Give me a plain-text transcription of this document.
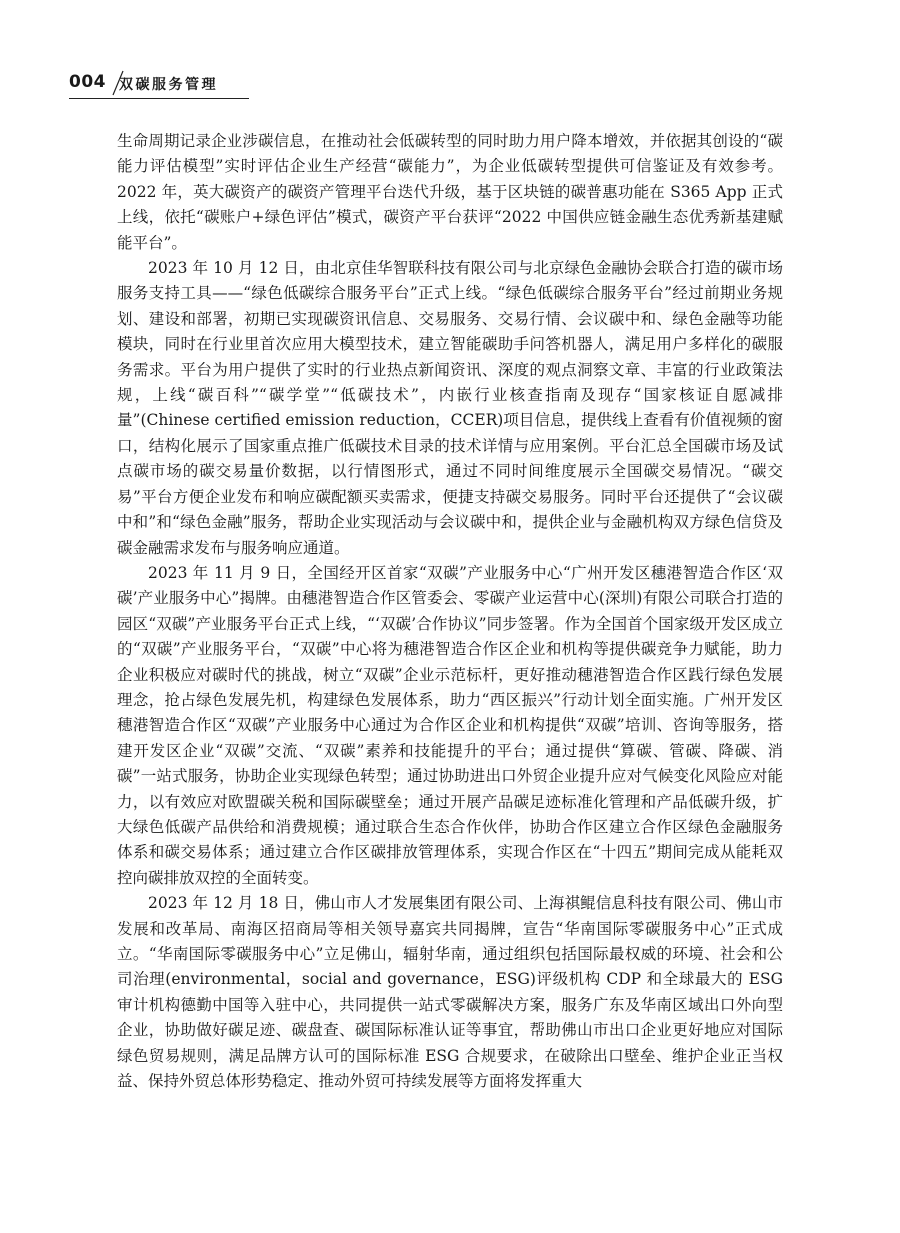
004 双碳服务管理

生命周期记录企业涉碳信息，在推动社会低碳转型的同时助力用户降本增效，并依据其创设的“碳能力评估模型”实时评估企业生产经营“碳能力”，为企业低碳转型提供可信鉴证及有效参考。2022 年，英大碳资产的碳资产管理平台迭代升级，基于区块链的碳普惠功能在 S365 App 正式上线，依托“碳账户+绿色评估”模式，碳资产平台获评“2022 中国供应链金融生态优秀新基建赋能平台”。

2023 年 10 月 12 日，由北京佳华智联科技有限公司与北京绿色金融协会联合打造的碳市场服务支持工具——“绿色低碳综合服务平台”正式上线。“绿色低碳综合服务平台”经过前期业务规划、建设和部署，初期已实现碳资讯信息、交易服务、交易行情、会议碳中和、绿色金融等功能模块，同时在行业里首次应用大模型技术，建立智能碳助手问答机器人，满足用户多样化的碳服务需求。平台为用户提供了实时的行业热点新闻资讯、深度的观点洞察文章、丰富的行业政策法规，上线“碳百科”“碳学堂”“低碳技术”，内嵌行业核查指南及现存“国家核证自愿减排量”(Chinese certified emission reduction，CCER)项目信息，提供线上查看有价值视频的窗口，结构化展示了国家重点推广低碳技术目录的技术详情与应用案例。平台汇总全国碳市场及试点碳市场的碳交易量价数据，以行情图形式，通过不同时间维度展示全国碳交易情况。“碳交易”平台方便企业发布和响应碳配额买卖需求，便捷支持碳交易服务。同时平台还提供了“会议碳中和”和“绿色金融”服务，帮助企业实现活动与会议碳中和，提供企业与金融机构双方绿色信贷及碳金融需求发布与服务响应通道。

2023 年 11 月 9 日，全国经开区首家“双碳”产业服务中心“广州开发区穗港智造合作区‘双碳’产业服务中心”揭牌。由穗港智造合作区管委会、零碳产业运营中心(深圳)有限公司联合打造的园区“双碳”产业服务平台正式上线，“‘双碳’合作协议”同步签署。作为全国首个国家级开发区成立的“双碳”产业服务平台，“双碳”中心将为穗港智造合作区企业和机构等提供碳竞争力赋能，助力企业积极应对碳时代的挑战，树立“双碳”企业示范标杆，更好推动穗港智造合作区践行绿色发展理念，抢占绿色发展先机，构建绿色发展体系，助力“西区振兴”行动计划全面实施。广州开发区穗港智造合作区“双碳”产业服务中心通过为合作区企业和机构提供“双碳”培训、咨询等服务，搭建开发区企业“双碳”交流、“双碳”素养和技能提升的平台；通过提供“算碳、管碳、降碳、消碳”一站式服务，协助企业实现绿色转型；通过协助进出口外贸企业提升应对气候变化风险应对能力，以有效应对欧盟碳关税和国际碳壁垒；通过开展产品碳足迹标准化管理和产品低碳升级，扩大绿色低碳产品供给和消费规模；通过联合生态合作伙伴，协助合作区建立合作区绿色金融服务体系和碳交易体系；通过建立合作区碳排放管理体系，实现合作区在“十四五”期间完成从能耗双控向碳排放双控的全面转变。

2023 年 12 月 18 日，佛山市人才发展集团有限公司、上海祺鲲信息科技有限公司、佛山市发展和改革局、南海区招商局等相关领导嘉宾共同揭牌，宣告“华南国际零碳服务中心”正式成立。“华南国际零碳服务中心”立足佛山，辐射华南，通过组织包括国际最权威的环境、社会和公司治理(environmental，social and governance，ESG)评级机构 CDP 和全球最大的 ESG 审计机构德勤中国等入驻中心，共同提供一站式零碳解决方案，服务广东及华南区域出口外向型企业，协助做好碳足迹、碳盘查、碳国际标准认证等事宜，帮助佛山市出口企业更好地应对国际绿色贸易规则，满足品牌方认可的国际标准 ESG 合规要求，在破除出口壁垒、维护企业正当权益、保持外贸总体形势稳定、推动外贸可持续发展等方面将发挥重大
